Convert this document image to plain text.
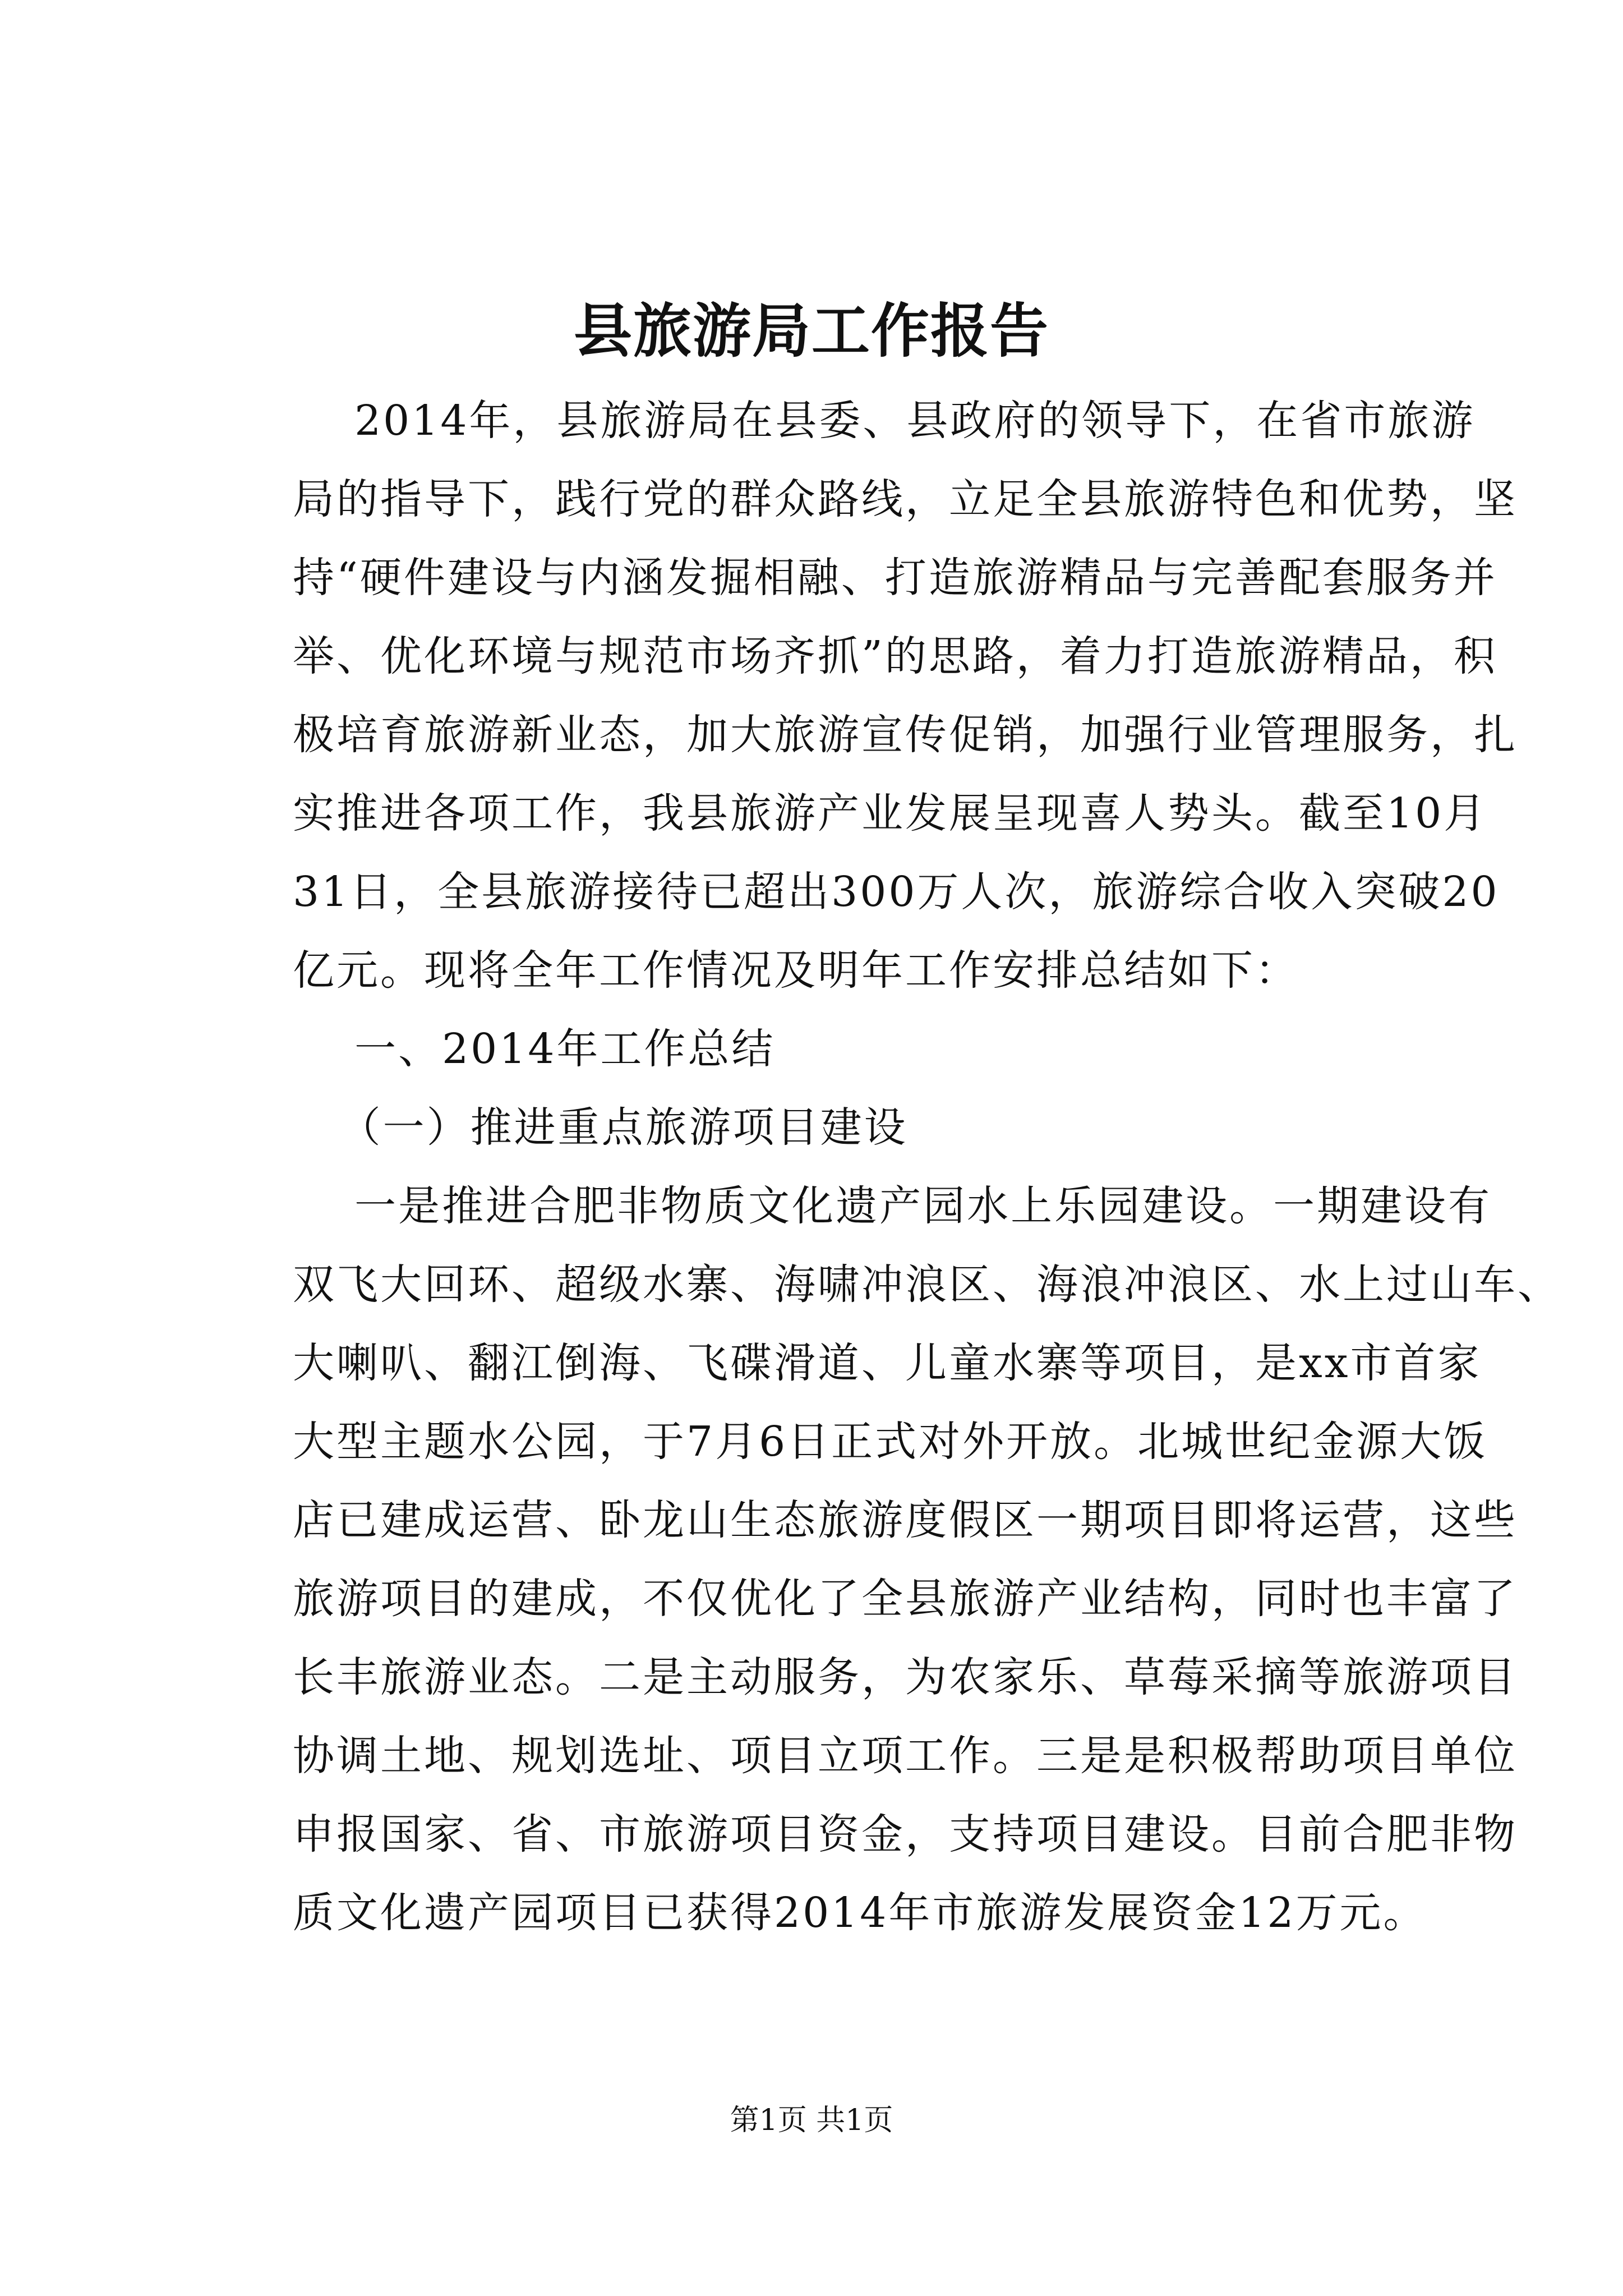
县旅游局工作报告
2014年，县旅游局在县委、县政府的领导下，在省市旅游
局的指导下，践行党的群众路线，立足全县旅游特色和优势，坚
持“硬件建设与内涵发掘相融、打造旅游精品与完善配套服务并
举、优化环境与规范市场齐抓”的思路，着力打造旅游精品，积
极培育旅游新业态，加大旅游宣传促销，加强行业管理服务，扎
实推进各项工作，我县旅游产业发展呈现喜人势头。截至10月
31日，全县旅游接待已超出300万人次，旅游综合收入突破20
亿元。现将全年工作情况及明年工作安排总结如下：
一、2014年工作总结
（一）推进重点旅游项目建设
一是推进合肥非物质文化遗产园水上乐园建设。一期建设有
双飞大回环、超级水寨、海啸冲浪区、海浪冲浪区、水上过山车、
大喇叭、翻江倒海、飞碟滑道、儿童水寨等项目，是xx市首家
大型主题水公园，于7月6日正式对外开放。北城世纪金源大饭
店已建成运营、卧龙山生态旅游度假区一期项目即将运营，这些
旅游项目的建成，不仅优化了全县旅游产业结构，同时也丰富了
长丰旅游业态。二是主动服务，为农家乐、草莓采摘等旅游项目
协调土地、规划选址、项目立项工作。三是是积极帮助项目单位
申报国家、省、市旅游项目资金，支持项目建设。目前合肥非物
质文化遗产园项目已获得2014年市旅游发展资金12万元。
第1页 共1页
